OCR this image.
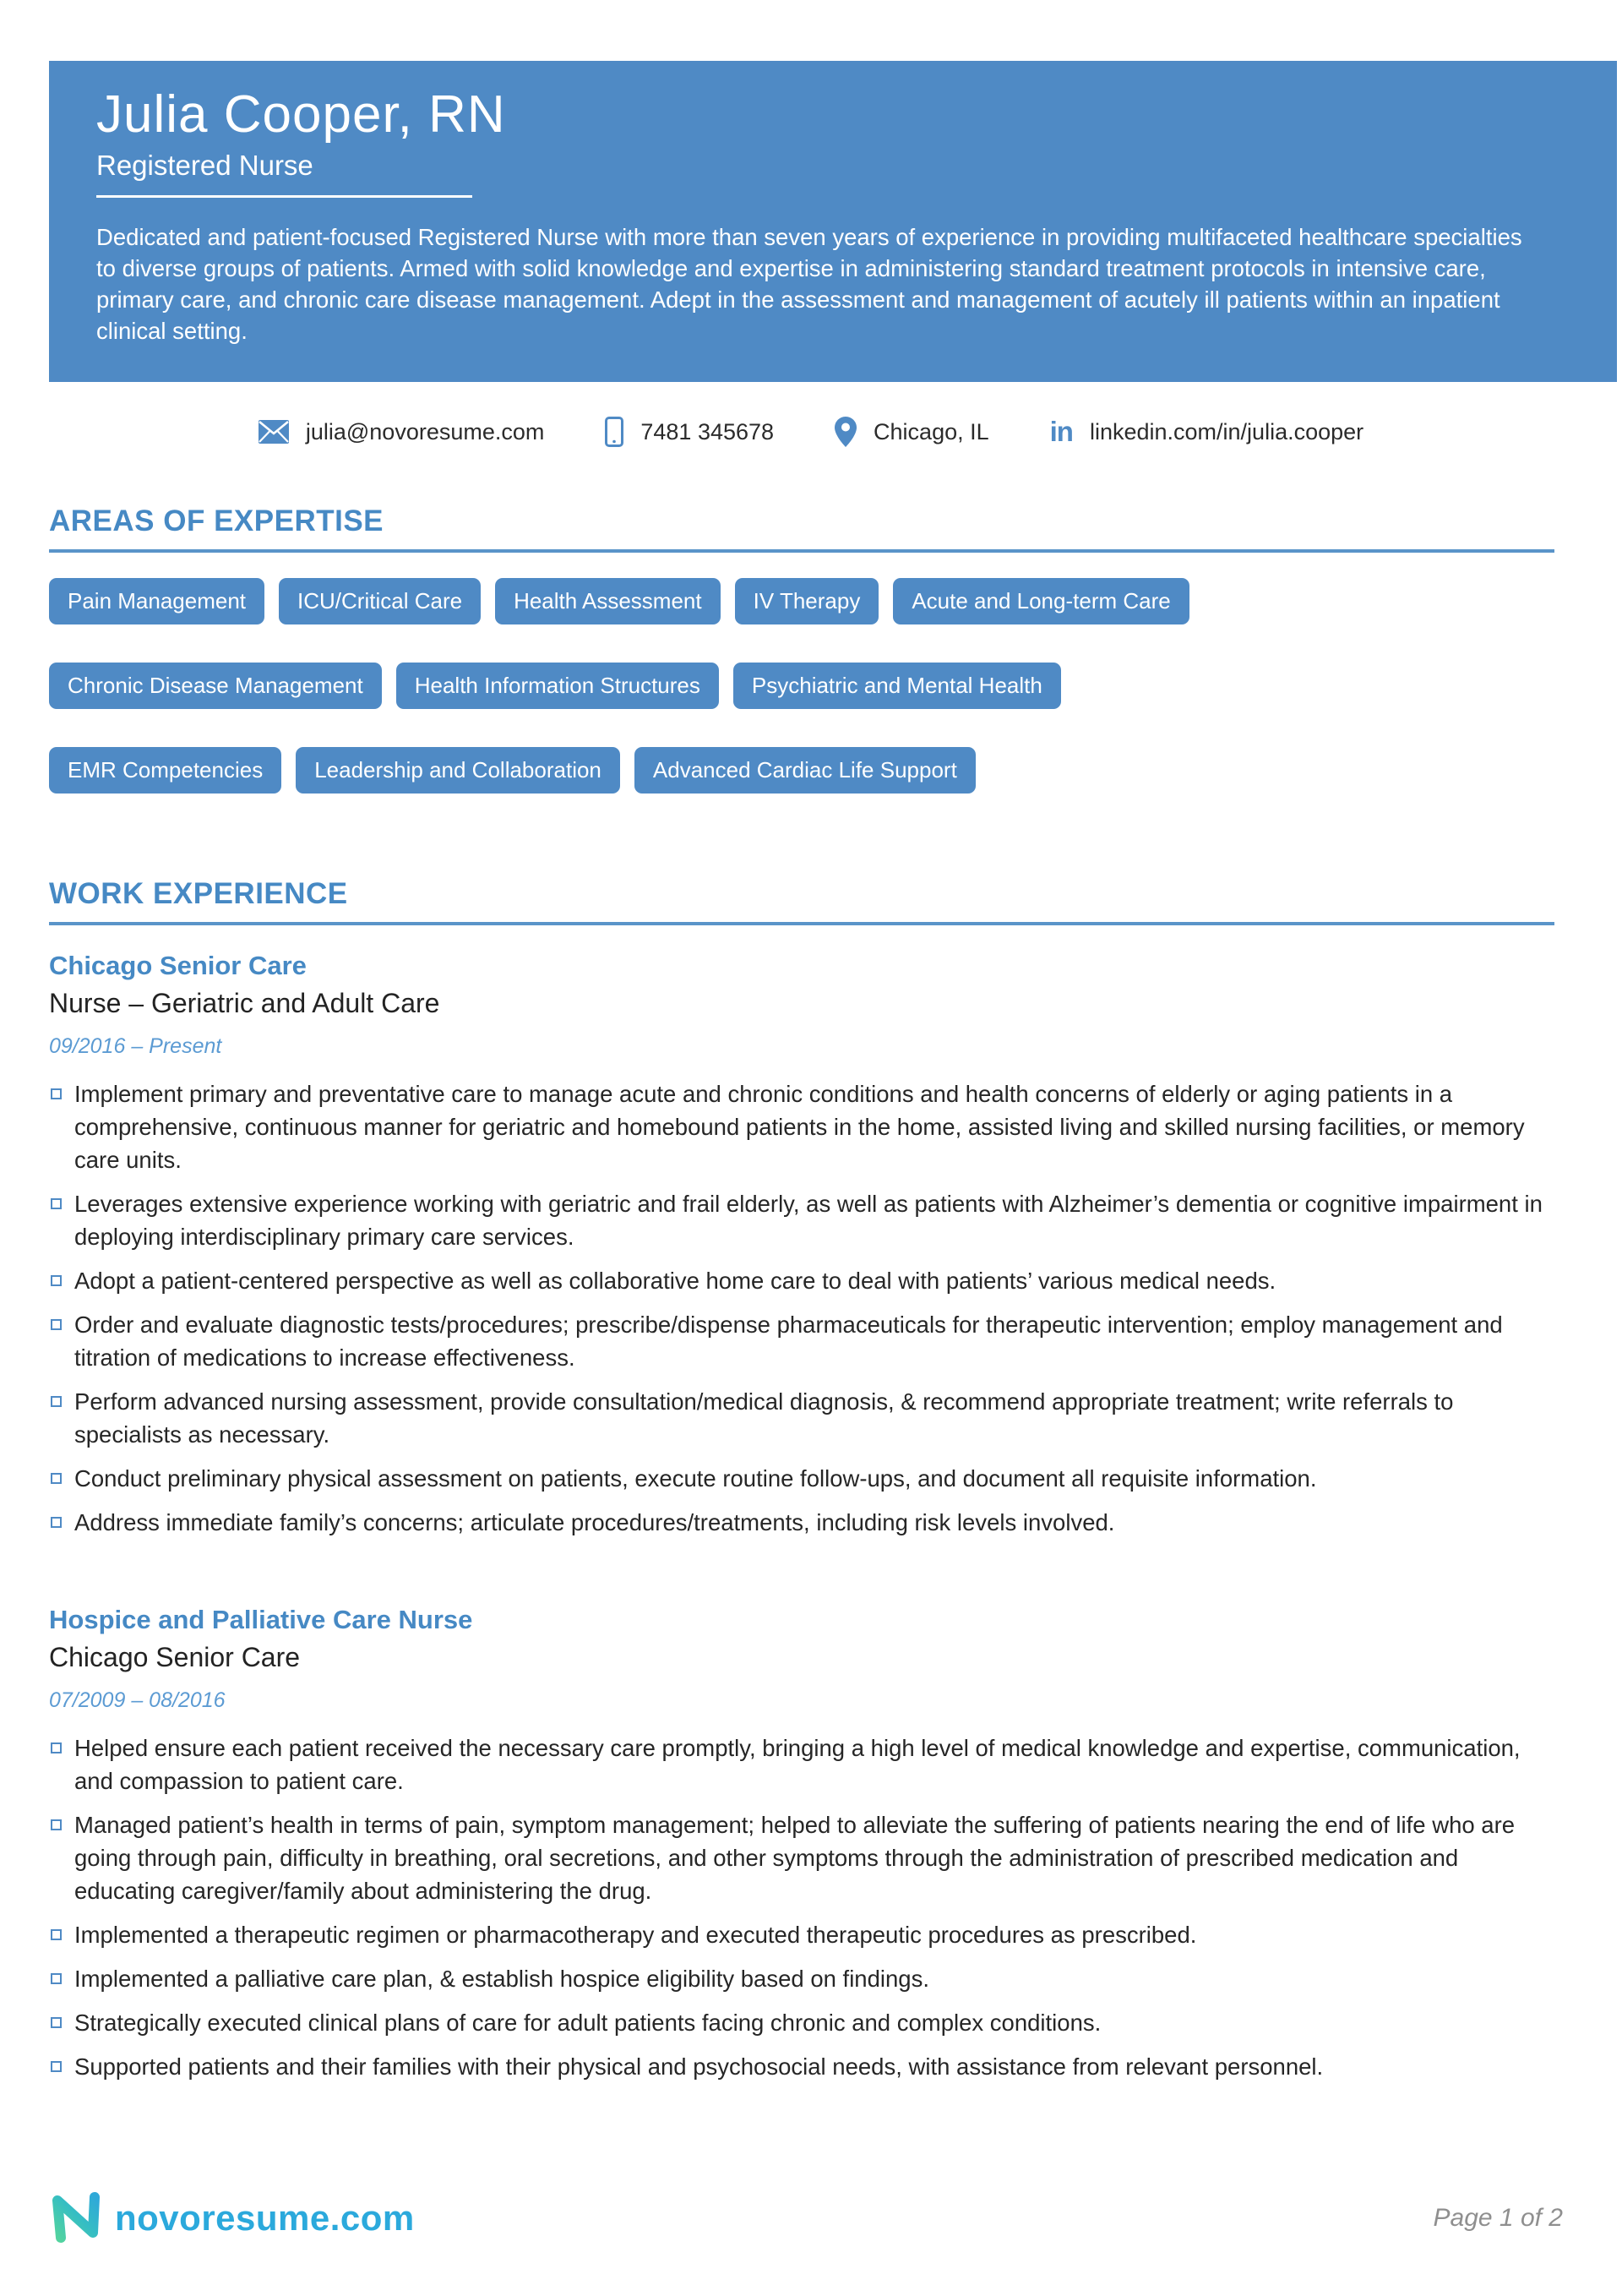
Julia Cooper, RN
Registered Nurse

Dedicated and patient-focused Registered Nurse with more than seven years of experience in providing multifaceted healthcare specialties to diverse groups of patients. Armed with solid knowledge and expertise in administering standard treatment protocols in intensive care, primary care, and chronic care disease management. Adept in the assessment and management of acutely ill patients within an inpatient clinical setting.

julia@novoresume.com	7481 345678	Chicago, IL in linkedin.com/in/julia.cooper
AREAS OF EXPERTISE
Pain Management	ICU/Critical Care	Health Assessment	IV Therapy	Acute and Long-term Care
Chronic Disease Management	Health Information Structures	Psychiatric and Mental Health
EMR Competencies	Leadership and Collaboration	Advanced Cardiac Life Support
WORK EXPERIENCE
Chicago Senior Care
Nurse – Geriatric and Adult Care
09/2016 – Present
Implement primary and preventative care to manage acute and chronic conditions and health concerns of elderly or aging patients in a comprehensive, continuous manner for geriatric and homebound patients in the home, assisted living and skilled nursing facilities, or memory care units.
Leverages extensive experience working with geriatric and frail elderly, as well as patients with Alzheimer’s dementia or cognitive impairment in deploying interdisciplinary primary care services.
Adopt a patient-centered perspective as well as collaborative home care to deal with patients’ various medical needs.
Order and evaluate diagnostic tests/procedures; prescribe/dispense pharmaceuticals for therapeutic intervention; employ management and titration of medications to increase effectiveness.
Perform advanced nursing assessment, provide consultation/medical diagnosis, & recommend appropriate treatment; write referrals to specialists as necessary.
Conduct preliminary physical assessment on patients, execute routine follow-ups, and document all requisite information.
Address immediate family’s concerns; articulate procedures/treatments, including risk levels involved.
Hospice and Palliative Care Nurse
Chicago Senior Care
07/2009 – 08/2016
Helped ensure each patient received the necessary care promptly, bringing a high level of medical knowledge and expertise, communication, and compassion to patient care.
Managed patient’s health in terms of pain, symptom management; helped to alleviate the suffering of patients nearing the end of life who are going through pain, difficulty in breathing, oral secretions, and other symptoms through the administration of prescribed medication and educating caregiver/family about administering the drug.
Implemented a therapeutic regimen or pharmacotherapy and executed therapeutic procedures as prescribed.
Implemented a palliative care plan, & establish hospice eligibility based on findings.
Strategically executed clinical plans of care for adult patients facing chronic and complex conditions.
Supported patients and their families with their physical and psychosocial needs, with assistance from relevant personnel.
novoresume.com	Page 1 of 2
